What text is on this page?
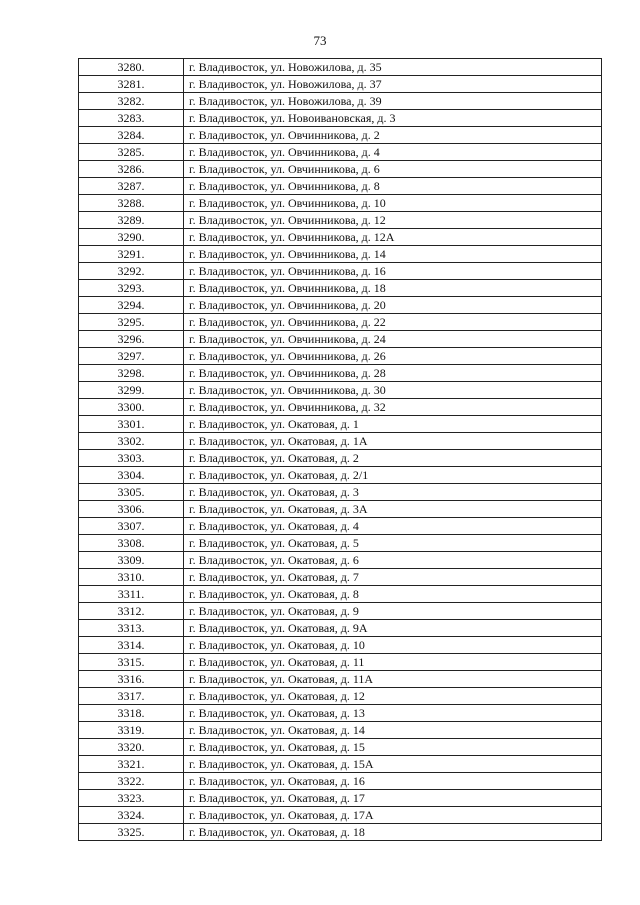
73
3280.	г. Владивосток, ул. Новожилова, д. 35
3281.	г. Владивосток, ул. Новожилова, д. 37
3282.	г. Владивосток, ул. Новожилова, д. 39
3283.	г. Владивосток, ул. Новоивановская, д. 3
3284.	г. Владивосток, ул. Овчинникова, д. 2
3285.	г. Владивосток, ул. Овчинникова, д. 4
3286.	г. Владивосток, ул. Овчинникова, д. 6
3287.	г. Владивосток, ул. Овчинникова, д. 8
3288.	г. Владивосток, ул. Овчинникова, д. 10
3289.	г. Владивосток, ул. Овчинникова, д. 12
3290.	г. Владивосток, ул. Овчинникова, д. 12А
3291.	г. Владивосток, ул. Овчинникова, д. 14
3292.	г. Владивосток, ул. Овчинникова, д. 16
3293.	г. Владивосток, ул. Овчинникова, д. 18
3294.	г. Владивосток, ул. Овчинникова, д. 20
3295.	г. Владивосток, ул. Овчинникова, д. 22
3296.	г. Владивосток, ул. Овчинникова, д. 24
3297.	г. Владивосток, ул. Овчинникова, д. 26
3298.	г. Владивосток, ул. Овчинникова, д. 28
3299.	г. Владивосток, ул. Овчинникова, д. 30
3300.	г. Владивосток, ул. Овчинникова, д. 32
3301.	г. Владивосток, ул. Окатовая, д. 1
3302.	г. Владивосток, ул. Окатовая, д. 1А
3303.	г. Владивосток, ул. Окатовая, д. 2
3304.	г. Владивосток, ул. Окатовая, д. 2/1
3305.	г. Владивосток, ул. Окатовая, д. 3
3306.	г. Владивосток, ул. Окатовая, д. 3А
3307.	г. Владивосток, ул. Окатовая, д. 4
3308.	г. Владивосток, ул. Окатовая, д. 5
3309.	г. Владивосток, ул. Окатовая, д. 6
3310.	г. Владивосток, ул. Окатовая, д. 7
3311.	г. Владивосток, ул. Окатовая, д. 8
3312.	г. Владивосток, ул. Окатовая, д. 9
3313.	г. Владивосток, ул. Окатовая, д. 9А
3314.	г. Владивосток, ул. Окатовая, д. 10
3315.	г. Владивосток, ул. Окатовая, д. 11
3316.	г. Владивосток, ул. Окатовая, д. 11А
3317.	г. Владивосток, ул. Окатовая, д. 12
3318.	г. Владивосток, ул. Окатовая, д. 13
3319.	г. Владивосток, ул. Окатовая, д. 14
3320.	г. Владивосток, ул. Окатовая, д. 15
3321.	г. Владивосток, ул. Окатовая, д. 15А
3322.	г. Владивосток, ул. Окатовая, д. 16
3323.	г. Владивосток, ул. Окатовая, д. 17
3324.	г. Владивосток, ул. Окатовая, д. 17А
3325.	г. Владивосток, ул. Окатовая, д. 18
